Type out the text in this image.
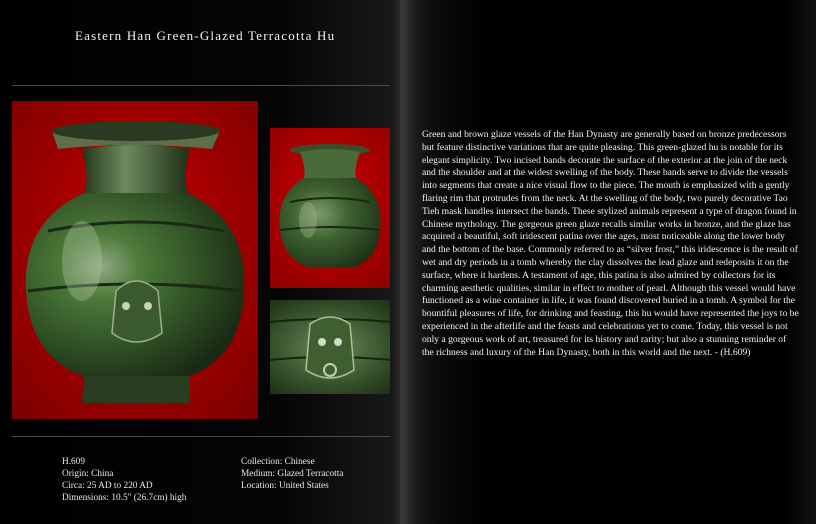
Eastern Han Green-Glazed Terracotta Hu

Green and brown glaze vessels of the Han Dynasty are generally based on bronze predecessors but feature distinctive variations that are quite pleasing. This green-glazed hu is notable for its elegant simplicity. Two incised bands decorate the surface of the exterior at the join of the neck and the shoulder and at the widest swelling of the body. These bands serve to divide the vessels into segments that create a nice visual flow to the piece. The mouth is emphasized with a gently flaring rim that protrudes from the neck. At the swelling of the body, two purely decorative Tao Tieh mask handles intersect the bands. These stylized animals represent a type of dragon found in Chinese mythology. The gorgeous green glaze recalls similar works in bronze, and the glaze has acquired a beautiful, soft iridescent patina over the ages, most noticeable along the lower body and the bottom of the base. Commonly referred to as “silver frost,” this iridescence is the result of wet and dry periods in a tomb whereby the clay dissolves the lead glaze and redeposits it on the surface, where it hardens. A testament of age, this patina is also admired by collectors for its charming aesthetic qualities, similar in effect to mother of pearl. Although this vessel would have functioned as a wine container in life, it was found discovered buried in a tomb. A symbol for the bountiful pleasures of life, for drinking and feasting, this hu would have represented the joys to be experienced in the afterlife and the feasts and celebrations yet to come. Today, this vessel is not only a gorgeous work of art, treasured for its history and rarity; but also a stunning reminder of the richness and luxury of the Han Dynasty, both in this world and the next. - (H.609)

H.609
Origin: China
Circa: 25 AD to 220 AD
Dimensions: 10.5" (26.7cm) high
Collection: Chinese
Medium: Glazed Terracotta
Location: United States
